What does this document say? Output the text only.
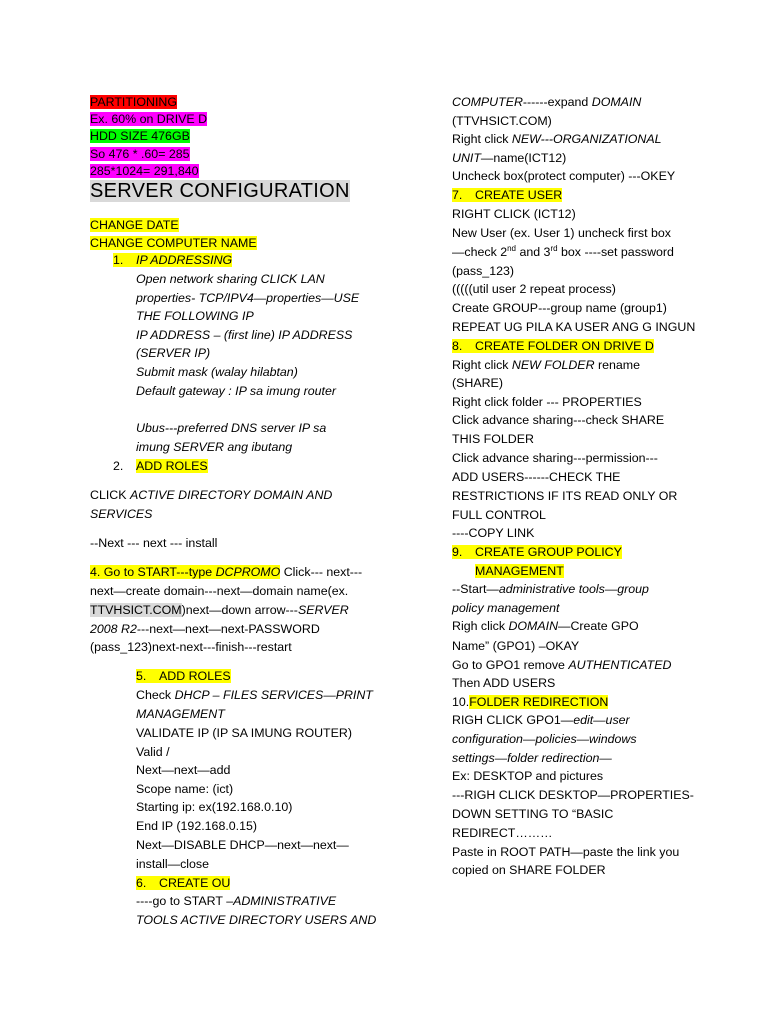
PARTITIONING
Ex. 60% on DRIVE D
HDD SIZE 476GB
So 476 * .60= 285
285*1024= 291,840
SERVER CONFIGURATION
CHANGE DATE
CHANGE COMPUTER NAME
1. IP ADDRESSING
Open network sharing CLICK LAN
properties- TCP/IPV4—properties—USE
THE FOLLOWING IP
IP ADDRESS – (first line) IP ADDRESS
(SERVER IP)
Submit mask (walay hilabtan)
Default gateway : IP sa imung router
Ubus---preferred DNS server IP sa
imung SERVER ang ibutang
2. ADD ROLES
CLICK ACTIVE DIRECTORY DOMAIN AND
SERVICES
--Next --- next --- install
4. Go to START---type DCPROMO Click--- next---
next—create domain---next—domain name(ex.
TTVHSICT.COM)next—down arrow---SERVER
2008 R2---next—next—next-PASSWORD
(pass_123)next-next---finish---restart
5. ADD ROLES
Check DHCP – FILES SERVICES—PRINT
MANAGEMENT
VALIDATE IP (IP SA IMUNG ROUTER)
Valid /
Next—next—add
Scope name: (ict)
Starting ip: ex(192.168.0.10)
End IP (192.168.0.15)
Next—DISABLE DHCP—next—next—
install—close
6. CREATE OU
----go to START –ADMINISTRATIVE
TOOLS ACTIVE DIRECTORY USERS AND
COMPUTER------expand DOMAIN
(TTVHSICT.COM)
Right click NEW---ORGANIZATIONAL
UNIT—name(ICT12)
Uncheck box(protect computer) ---OKEY
7. CREATE USER
RIGHT CLICK (ICT12)
New User (ex. User 1) uncheck first box
—check 2nd and 3rd box ----set password
(pass_123)
(((((util user 2 repeat process)
Create GROUP---group name (group1)
REPEAT UG PILA KA USER ANG G INGUN
8. CREATE FOLDER ON DRIVE D
Right click NEW FOLDER rename
(SHARE)
Right click folder --- PROPERTIES
Click advance sharing---check SHARE
THIS FOLDER
Click advance sharing---permission---
ADD USERS------CHECK THE
RESTRICTIONS IF ITS READ ONLY OR
FULL CONTROL
----COPY LINK
9. CREATE GROUP POLICY
MANAGEMENT
--Start—administrative tools—group
policy management
Righ click DOMAIN—Create GPO
Name” (GPO1) –OKAY
Go to GPO1 remove AUTHENTICATED
Then ADD USERS
10.FOLDER REDIRECTION
RIGH CLICK GPO1—edit—user
configuration—policies—windows
settings—folder redirection—
Ex: DESKTOP and pictures
---RIGH CLICK DESKTOP—PROPERTIES-
DOWN SETTING TO “BASIC
REDIRECT………
Paste in ROOT PATH—paste the link you
copied on SHARE FOLDER
